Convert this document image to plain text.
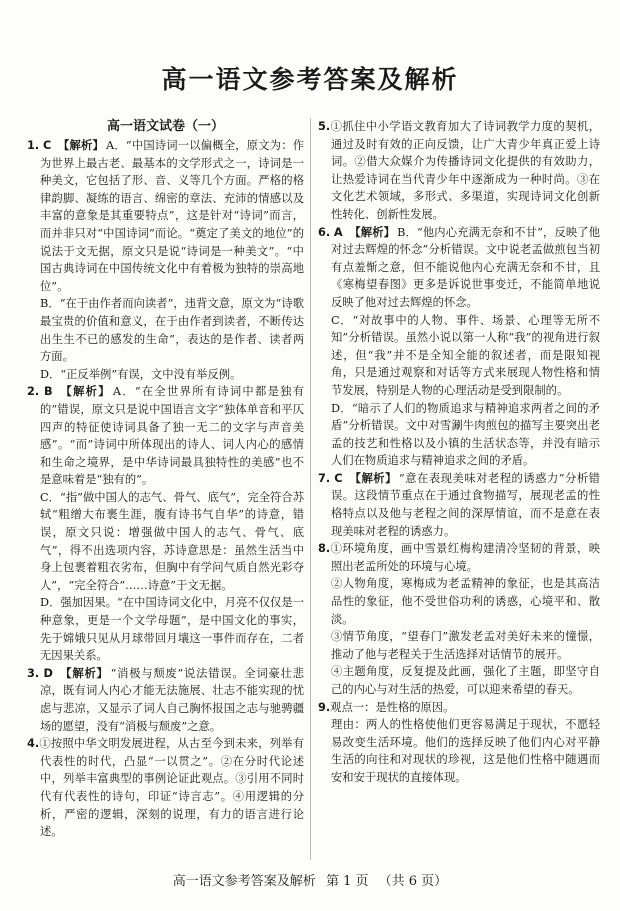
高一语文参考答案及解析
高一语文试卷（一）

1. C 【解析】 A．“中国诗词一以偏概全，原文为：作为世界上最古老、最基本的文学形式之一，诗词是一种美文，它包括了形、音、义等几个方面。严格的格律韵脚、凝练的语言、绵密的章法、充沛的情感以及丰富的意象是其重要特点”，这是针对“诗词”而言，而并非只对“中国诗词”而论。“奠定了美文的地位”的说法于文无据，原文只是说“诗词是一种美文”。“中国古典诗词在中国传统文化中有着极为独特的崇高地位”。

B．“在于由作者而向读者”，违背文意，原文为“诗歌最宝贵的价值和意义，在于由作者到读者，不断传达出生生不已的感发的生命”，表达的是作者、读者两方面。

D．“正反举例”有误，文中没有举反例。

2. B 【解析】 A．“在全世界所有诗词中都是独有的”错误，原文只是说中国语言文字“独体单音和平仄四声的特征使诗词具备了独一无二的文字与声音美感”。“而”诗词中所体现出的诗人、词人内心的感情和生命之境界，是中华诗词最具独特性的美感”也不是意味着是“独有的”。

C．“指”做中国人的志气、骨气、底气”，完全符合苏轼“粗缯大布裹生涯，腹有诗书气自华”的诗意，错误，原文只说：增强做中国人的志气、骨气、底气”，得不出选项内容，苏诗意思是：虽然生活当中身上包裹着粗衣劣布，但胸中有学问气质自然光彩夺人”，“完全符合”……诗意”于文无据。

D．强加因果。“在中国诗词文化中，月亮不仅仅是一种意象，更是一个文学母题”，是中国文化的事实，先于嫦娥只见从月球带回月壤这一事件而存在，二者无因果关系。

3. D 【解析】 “消极与颓废”说法错误。全词豪壮悲凉，既有词人内心才能无法施展、壮志不能实现的忧虑与悲凉，又显示了词人自己胸怀报国之志与驰骋疆场的愿望，没有“消极与颓废”之意。

4.①按照中华文明发展进程，从古至今到未来，列举有代表性的时代，凸显“一以贯之”。②在分时代论述中，列举丰富典型的事例论证此观点。③引用不同时代有代表性的诗句，印证“诗言志”。④用逻辑的分析，严密的逻辑，深刻的说理，有力的语言进行论述。

5.①抓住中小学语文教育加大了诗词教学力度的契机，通过及时有效的正向反馈，让广大青少年真正爱上诗词。②借大众媒介为传播诗词文化提供的有效助力，让热爱诗词在当代青少年中逐渐成为一种时尚。③在文化艺术领域，多形式、多渠道，实现诗词文化创新性转化、创新性发展。

6. A 【解析】 B．“他内心充满无奈和不甘”，反映了他对过去辉煌的怀念”分析错误。文中说老孟做煎包当初有点羞惭之意，但不能说他内心充满无奈和不甘，且《寒梅望春图》更多是诉说世事变迁，不能简单地说反映了他对过去辉煌的怀念。

C．“对故事中的人物、事件、场景、心理等无所不知”分析错误。虽然小说以第一人称“我”的视角进行叙述，但“我”并不是全知全能的叙述者，而是限知视角，只是通过观察和对话等方式来展现人物性格和情节发展，特别是人物的心理活动是受到限制的。

D．“暗示了人们的物质追求与精神追求两者之间的矛盾”分析错误。文中对雪涮牛肉煎包的描写主要突出老孟的技艺和性格以及小镇的生活状态等，并没有暗示人们在物质追求与精神追求之间的矛盾。

7. C 【解析】 “意在表现美味对老程的诱惑力”分析错误。这段情节重点在于通过食物描写，展现老孟的性格特点以及他与老程之间的深厚情谊，而不是意在表现美味对老程的诱惑力。

8.①环境角度，画中雪景红梅构建清冷坚韧的背景，映照出老孟所处的环境与心境。

②人物角度，寒梅成为老孟精神的象征，也是其高洁品性的象征，他不受世俗功利的诱惑，心境平和、散淡。

③情节角度，“望春门”激发老孟对美好未来的憧憬，推动了他与老程关于生活选择对话情节的展开。

④主题角度，反复提及此画，强化了主题，即坚守自己的内心与对生活的热爱，可以迎来希望的春天。

9.观点一：是性格的原因。

理由：两人的性格使他们更容易满足于现状，不愿轻易改变生活环境。他们的选择反映了他们内心对平静生活的向往和对现状的珍视，这是他们性格中随遇而安和安于现状的直接体现。

高一语文参考答案及解析 第 1 页 （共 6 页）
